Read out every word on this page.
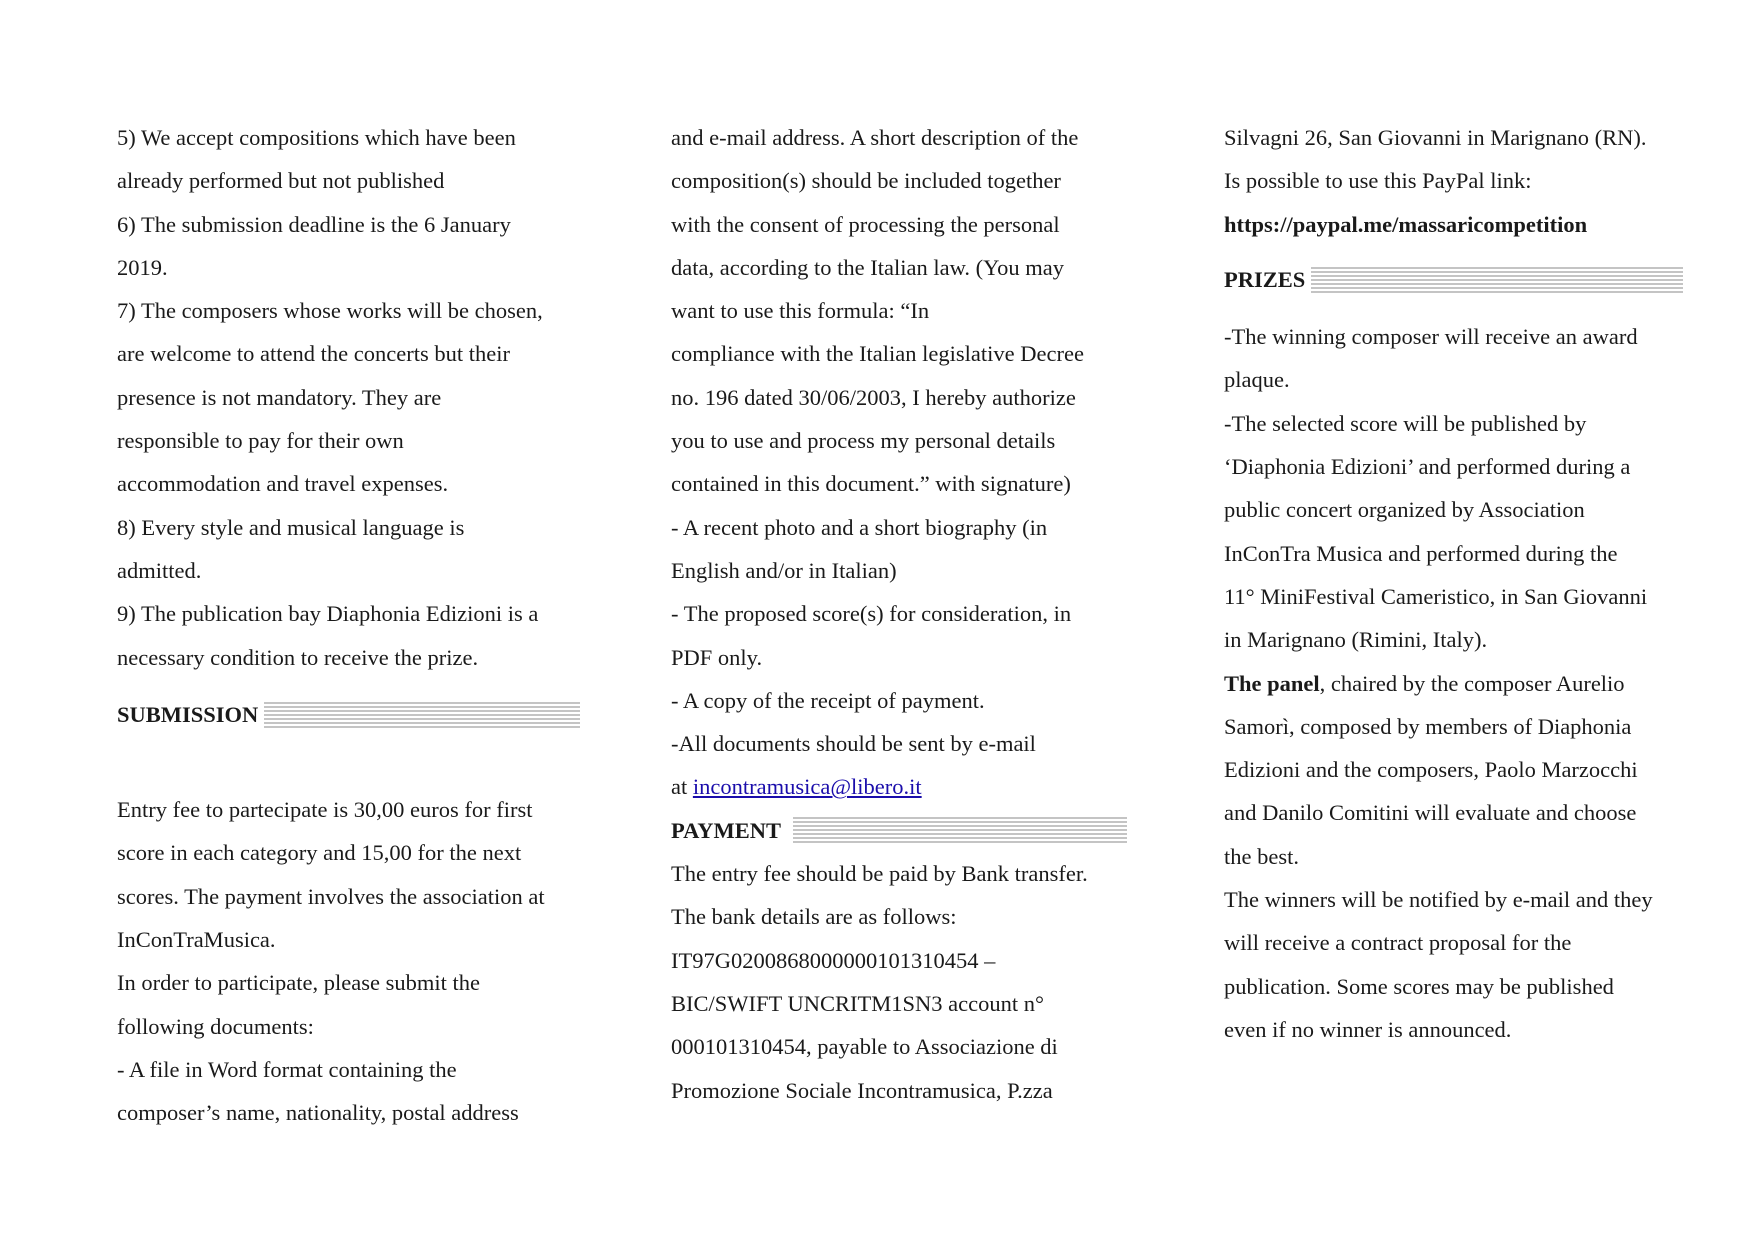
5) We accept compositions which have been
already performed but not published
6) The submission deadline is the 6 January
2019.
7) The composers whose works will be chosen,
are welcome to attend the concerts but their
presence is not mandatory. They are
responsible to pay for their own
accommodation and travel expenses.
8) Every style and musical language is
admitted.
9) The publication bay Diaphonia Edizioni is a
necessary condition to receive the prize.
SUBMISSION
Entry fee to partecipate is 30,00 euros for first
score in each category and 15,00 for the next
scores. The payment involves the association at
InConTraMusica.
In order to participate, please submit the
following documents:
- A file in Word format containing the
composer’s name, nationality, postal address
and e-mail address. A short description of the
composition(s) should be included together
with the consent of processing the personal
data, according to the Italian law. (You may
want to use this formula: “In
compliance with the Italian legislative Decree
no. 196 dated 30/06/2003, I hereby authorize
you to use and process my personal details
contained in this document.” with signature)
- A recent photo and a short biography (in
English and/or in Italian)
- The proposed score(s) for consideration, in
PDF only.
- A copy of the receipt of payment.
-All documents should be sent by e-mail
at incontramusica@libero.it
PAYMENT
The entry fee should be paid by Bank transfer.
The bank details are as follows:
IT97G0200868000000101310454 –
BIC/SWIFT UNCRITM1SN3 account n°
000101310454, payable to Associazione di
Promozione Sociale Incontramusica, P.zza
Silvagni 26, San Giovanni in Marignano (RN).
Is possible to use this PayPal link:
https://paypal.me/massaricompetition
PRIZES
-The winning composer will receive an award
plaque.
-The selected score will be published by
‘Diaphonia Edizioni’ and performed during a
public concert organized by Association
InConTra Musica and performed during the
11° MiniFestival Cameristico, in San Giovanni
in Marignano (Rimini, Italy).
The panel, chaired by the composer Aurelio
Samorì, composed by members of Diaphonia
Edizioni and the composers, Paolo Marzocchi
and Danilo Comitini will evaluate and choose
the best.
The winners will be notified by e-mail and they
will receive a contract proposal for the
publication. Some scores may be published
even if no winner is announced.
